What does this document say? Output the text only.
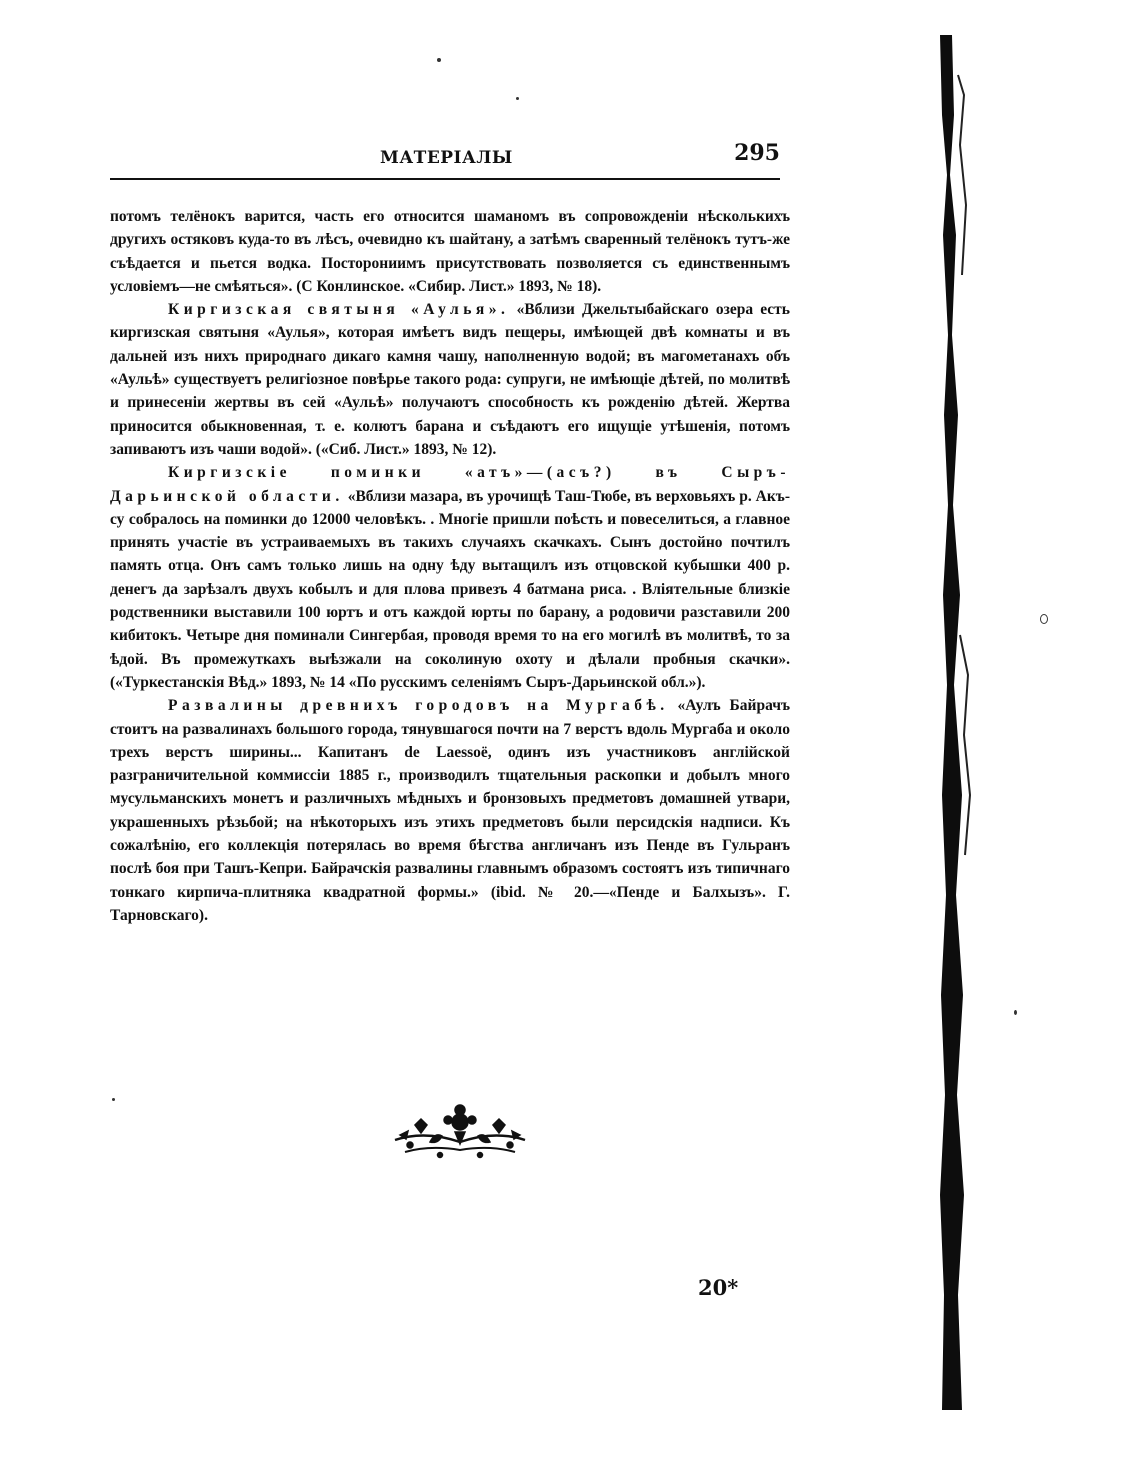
МАТЕРІАЛЫ	295

потомъ телёнокъ варится, часть его относится шаманомъ въ сопровожденіи нѣсколькихъ другихъ остяковъ куда-то въ лѣсъ, очевидно къ шайтану, а затѣмъ сваренный телёнокъ тутъ-же съѣдается и пьется водка. Посторониимъ присутствовать позволяется съ единственнымъ условіемъ—не смѣяться». (С Конлинское. «Сибир. Лист.» 1893, № 18).

Киргизская святыня «Аулья». «Вблизи Джельтыбайскаго озера есть киргизская святыня «Аулья», которая имѣетъ видъ пещеры, имѣющей двѣ комнаты и въ дальней изъ нихъ природнаго дикаго камня чашу, наполненную водой; въ магометанахъ объ «Аульѣ» существуетъ религіозное повѣрье такого рода: супруги, не имѣющіе дѣтей, по молитвѣ и принесеніи жертвы въ сей «Аульѣ» получаютъ способность къ рожденію дѣтей. Жертва приносится обыкновенная, т. е. колютъ барана и съѣдаютъ его ищущіе утѣшенія, потомъ запиваютъ изъ чаши водой». («Сиб. Лист.» 1893, № 12).

Киргизскіе поминки «атъ»—(асъ?) въ Сыръ-Дарьинской области. «Вблизи мазара, въ урочищѣ Таш-Тюбе, въ верховьяхъ р. Акъ-су собралось на поминки до 12000 человѣкъ. . Многіе пришли поѣсть и повеселиться, а главное принять участіе въ устраиваемыхъ въ такихъ случаяхъ скачкахъ. Сынъ достойно почтилъ память отца. Онъ самъ только лишь на одну ѣду вытащилъ изъ отцовской кубышки 400 р. денегъ да зарѣзалъ двухъ кобылъ и для плова привезъ 4 батмана риса. . Влiятельные близкіе родственники выставили 100 юртъ и отъ каждой юрты по барану, а родовичи разставили 200 кибитокъ. Четыре дня поминали Сингербая, проводя время то на его могилѣ въ молитвѣ, то за ѣдой. Въ промежуткахъ выѣзжали на соколиную охоту и дѣлали пробныя скачки». («Туркестанскія Вѣд.» 1893, № 14 «По русскимъ селеніямъ Сыръ-Дарьинской обл.»).

Развалины древнихъ городовъ на Мургабѣ. «Аулъ Байрачъ стоитъ на развалинахъ большого города, тянувшагося почти на 7 верстъ вдоль Мургаба и около трехъ верстъ ширины... Капитанъ de Laessoё, одинъ изъ участниковъ англійской разграничительной коммиссіи 1885 г., производилъ тщательныя раскопки и добылъ много мусульманскихъ монетъ и различныхъ мѣдныхъ и бронзовыхъ предметовъ домашней утвари, украшенныхъ рѣзьбой; на нѣкоторыхъ изъ этихъ предметовъ были персидскія надписи. Къ сожалѣнію, его коллекція потерялась во время бѣгства англичанъ изъ Пенде въ Гульранъ послѣ боя при Ташъ-Кепри. Байрачскія развалины главнымъ образомъ состоятъ изъ типичнаго тонкаго кирпича-плитняка квадратной формы.» (ibid. № 20.—«Пенде и Балхызъ». Г. Тарновскаго).

20*
